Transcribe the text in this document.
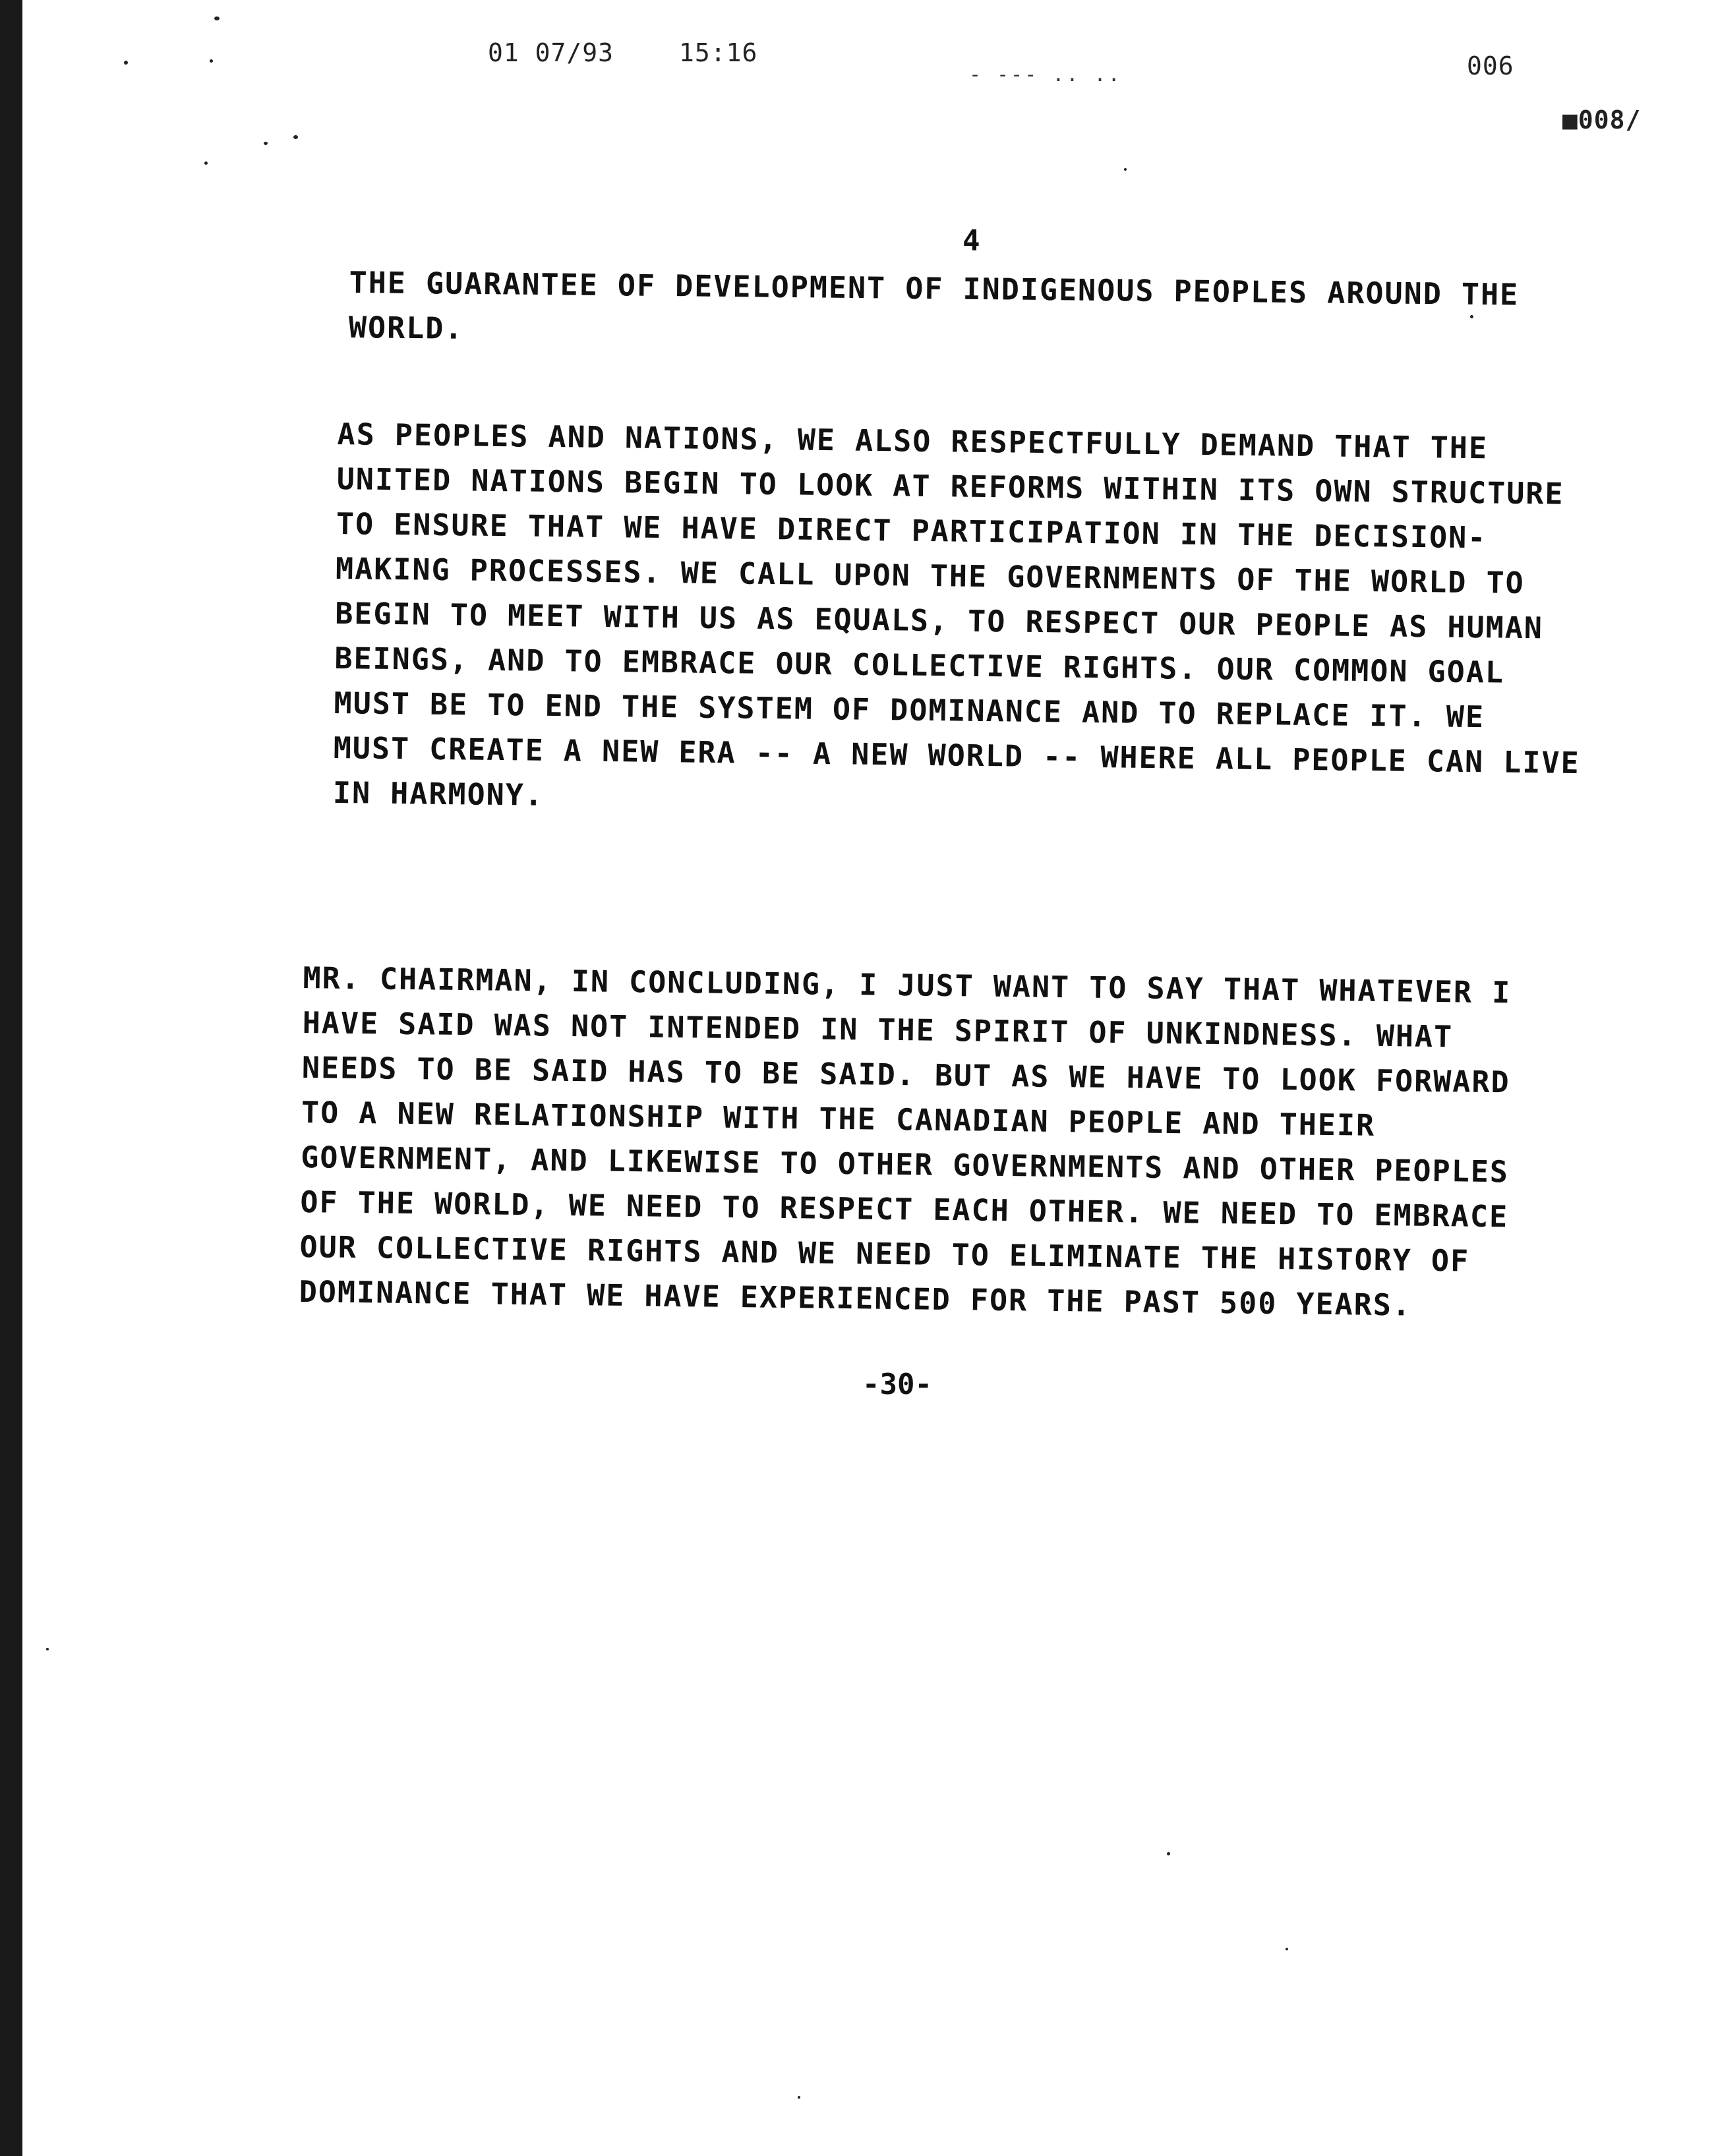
01 07/93	15:16
- --- .. ..	006
■008/
4
THE GUARANTEE OF DEVELOPMENT OF INDIGENOUS PEOPLES AROUND THE
WORLD.
AS PEOPLES AND NATIONS, WE ALSO RESPECTFULLY DEMAND THAT THE
UNITED NATIONS BEGIN TO LOOK AT REFORMS WITHIN ITS OWN STRUCTURE
TO ENSURE THAT WE HAVE DIRECT PARTICIPATION IN THE DECISION-
MAKING PROCESSES. WE CALL UPON THE GOVERNMENTS OF THE WORLD TO
BEGIN TO MEET WITH US AS EQUALS, TO RESPECT OUR PEOPLE AS HUMAN
BEINGS, AND TO EMBRACE OUR COLLECTIVE RIGHTS. OUR COMMON GOAL
MUST BE TO END THE SYSTEM OF DOMINANCE AND TO REPLACE IT. WE
MUST CREATE A NEW ERA -- A NEW WORLD -- WHERE ALL PEOPLE CAN LIVE
IN HARMONY.
MR. CHAIRMAN, IN CONCLUDING, I JUST WANT TO SAY THAT WHATEVER I
HAVE SAID WAS NOT INTENDED IN THE SPIRIT OF UNKINDNESS. WHAT
NEEDS TO BE SAID HAS TO BE SAID. BUT AS WE HAVE TO LOOK FORWARD
TO A NEW RELATIONSHIP WITH THE CANADIAN PEOPLE AND THEIR
GOVERNMENT, AND LIKEWISE TO OTHER GOVERNMENTS AND OTHER PEOPLES
OF THE WORLD, WE NEED TO RESPECT EACH OTHER. WE NEED TO EMBRACE
OUR COLLECTIVE RIGHTS AND WE NEED TO ELIMINATE THE HISTORY OF
DOMINANCE THAT WE HAVE EXPERIENCED FOR THE PAST 500 YEARS.
-30-
